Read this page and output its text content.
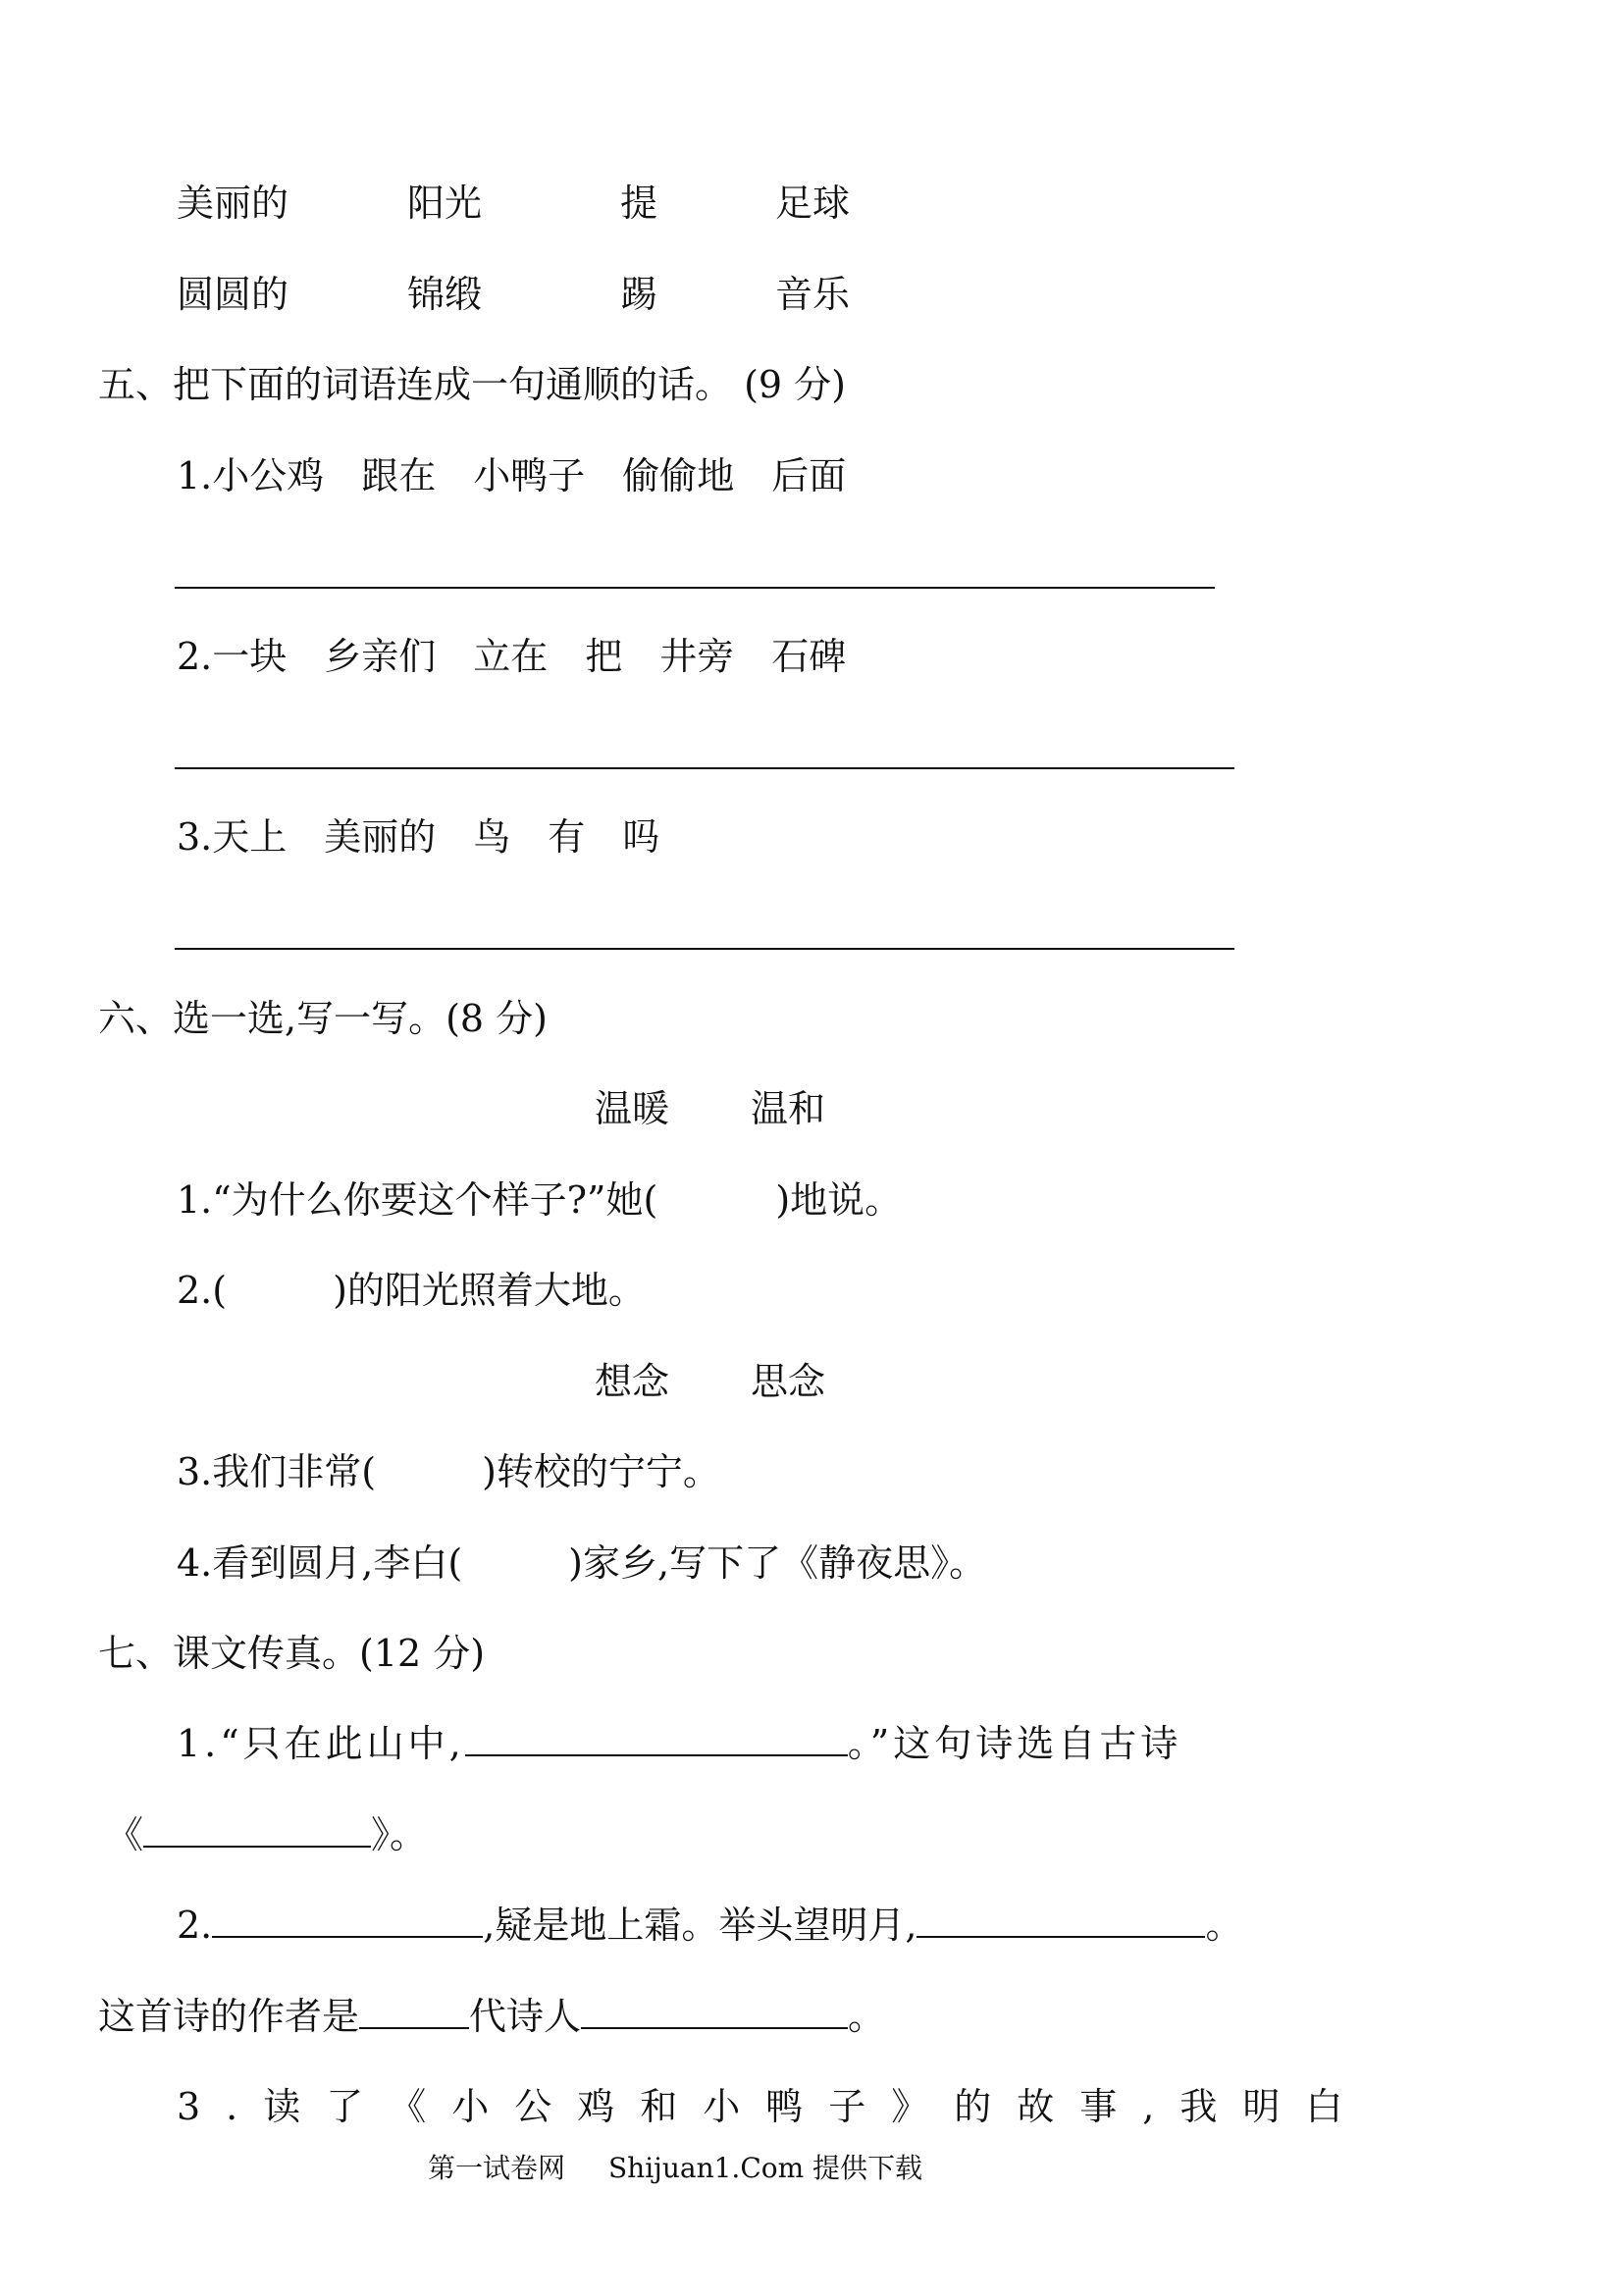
美丽的	阳光	提	足球
圆圆的	锦缎	踢	音乐
五、把下面的词语连成一句通顺的话。 (9 分)
1.小公鸡　跟在　小鸭子　偷偷地　后面
2.一块　乡亲们　立在　把　井旁　石碑
3.天上　美丽的　鸟　有　吗
六、选一选,写一写。(8 分)
温暖 温和
1.“为什么你要这个样子?”她(	)地说。
2.(	)的阳光照着大地。
想念 思念
3.我们非常(	)转校的宁宁。
4.看到圆月,李白(	)家乡,写下了《静夜思》。
七、课文传真。(12 分)
1.“只在此山中,	。”这句诗选自古诗
《	》。
2.	,疑是地上霜。举头望明月,	。
这首诗的作者是	代诗人	。
3.读了《小公鸡和小鸭子》的故事,我明白
第一试卷网 Shijuan1.Com 提供下载
